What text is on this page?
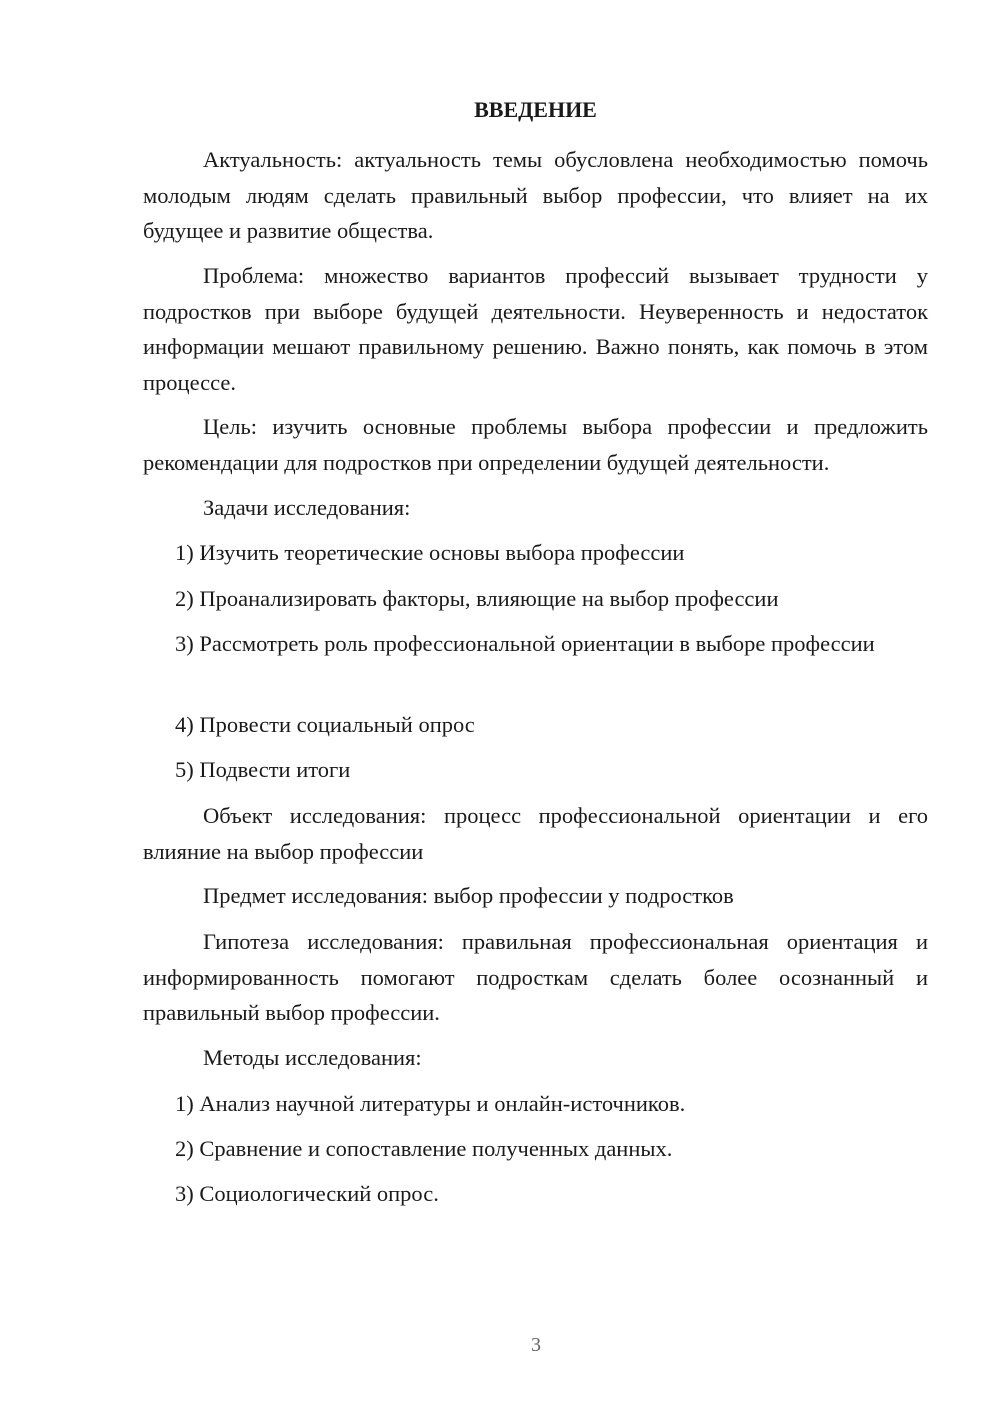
ВВЕДЕНИЕ

Актуальность: актуальность темы обусловлена необходимостью помочь молодым людям сделать правильный выбор профессии, что влияет на их будущее и развитие общества.

Проблема: множество вариантов профессий вызывает трудности у подростков при выборе будущей деятельности. Неуверенность и недостаток информации мешают правильному решению. Важно понять, как помочь в этом процессе.

Цель: изучить основные проблемы выбора профессии и предложить рекомендации для подростков при определении будущей деятельности.

Задачи исследования:

1) Изучить теоретические основы выбора профессии

2) Проанализировать факторы, влияющие на выбор профессии

3) Рассмотреть роль профессиональной ориентации в выборе профессии

4) Провести социальный опрос

5) Подвести итоги

Объект исследования: процесс профессиональной ориентации и его влияние на выбор профессии

Предмет исследования: выбор профессии у подростков

Гипотеза исследования: правильная профессиональная ориентация и информированность помогают подросткам сделать более осознанный и правильный выбор профессии.

Методы исследования:

1) Анализ научной литературы и онлайн-источников.

2) Сравнение и сопоставление полученных данных.

3) Социологический опрос.

3
